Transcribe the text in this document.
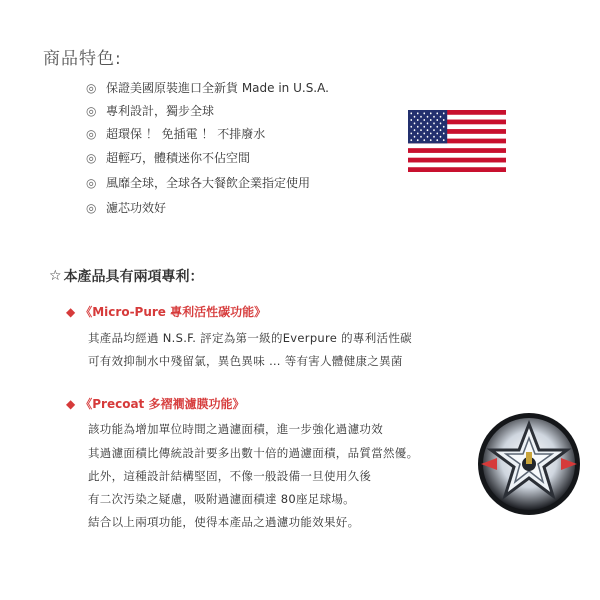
商品特色:
◎ 保證美國原裝進口全新貨 Made in U.S.A.
◎ 專利設計，獨步全球
◎ 超環保 ！ 免插電 ！ 不排廢水
◎ 超輕巧，體積迷你不佔空間
◎ 風靡全球，全球各大餐飲企業指定使用
◎ 濾芯功效好
☆ 本產品具有兩項專利：
◆ 《Micro-Pure 專利活性碳功能》
其產品均經過 N.S.F. 評定為第一級的Everpure 的專利活性碳
可有效抑制水中殘留氯，異色異味 … 等有害人體健康之異菌
◆ 《Precoat 多褶襉濾膜功能》
該功能為增加單位時間之過濾面積，進一步強化過濾功效
其過濾面積比傳統設計要多出數十倍的過濾面積，品質當然優。
此外，這種設計結構堅固，不像一般設備一旦使用久後
有二次汚染之疑慮，吸附過濾面積達 80座足球場。
結合以上兩項功能，使得本產品之過濾功能效果好。
